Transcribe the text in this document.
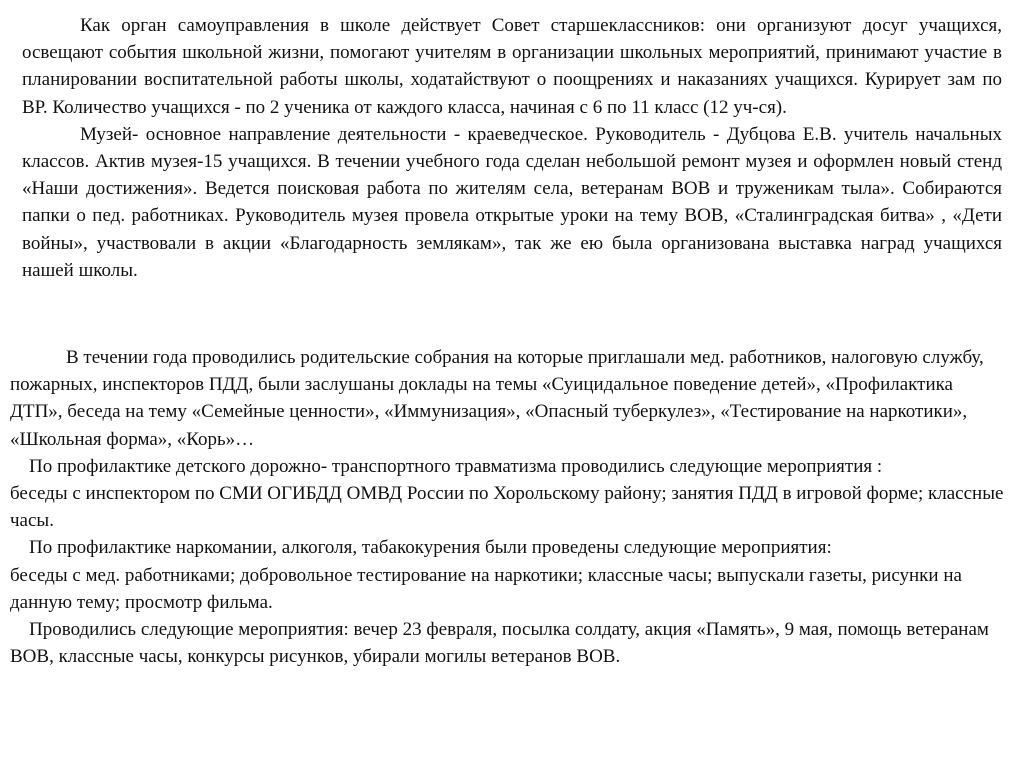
Как орган самоуправления в школе действует Совет старшеклассников: они организуют досуг учащихся, освещают события школьной жизни, помогают учителям в организации школьных мероприятий, принимают участие в планировании воспитательной работы школы, ходатайствуют о поощрениях и наказаниях учащихся. Курирует зам по ВР. Количество учащихся - по 2 ученика от каждого класса, начиная с 6 по 11 класс (12 уч-ся).

Музей- основное направление деятельности - краеведческое. Руководитель - Дубцова Е.В. учитель начальных классов. Актив музея-15 учащихся. В течении учебного года сделан небольшой ремонт музея и оформлен новый стенд «Наши достижения». Ведется поисковая работа по жителям села, ветеранам ВОВ и труженикам тыла». Собираются папки о пед. работниках. Руководитель музея провела открытые уроки на тему ВОВ, «Сталинградская битва» , «Дети войны», участвовали в акции «Благодарность землякам», так же ею была организована выставка наград учащихся нашей школы.

В течении года проводились родительские собрания на которые приглашали мед. работников, налоговую службу, пожарных, инспекторов ПДД, были заслушаны доклады на темы «Суицидальное поведение детей», «Профилактика ДТП», беседа на тему «Семейные ценности», «Иммунизация», «Опасный туберкулез», «Тестирование на наркотики», «Школьная форма», «Корь»…

По профилактике детского дорожно- транспортного травматизма проводились следующие мероприятия :

беседы с инспектором по СМИ ОГИБДД ОМВД России по Хорольскому району; занятия ПДД в игровой форме; классные часы.

По профилактике наркомании, алкоголя, табакокурения были проведены следующие мероприятия:

беседы с мед. работниками; добровольное тестирование на наркотики; классные часы; выпускали газеты, рисунки на данную тему; просмотр фильма.

Проводились следующие мероприятия: вечер 23 февраля, посылка солдату, акция «Память», 9 мая, помощь ветеранам ВОВ, классные часы, конкурсы рисунков, убирали могилы ветеранов ВОВ.
